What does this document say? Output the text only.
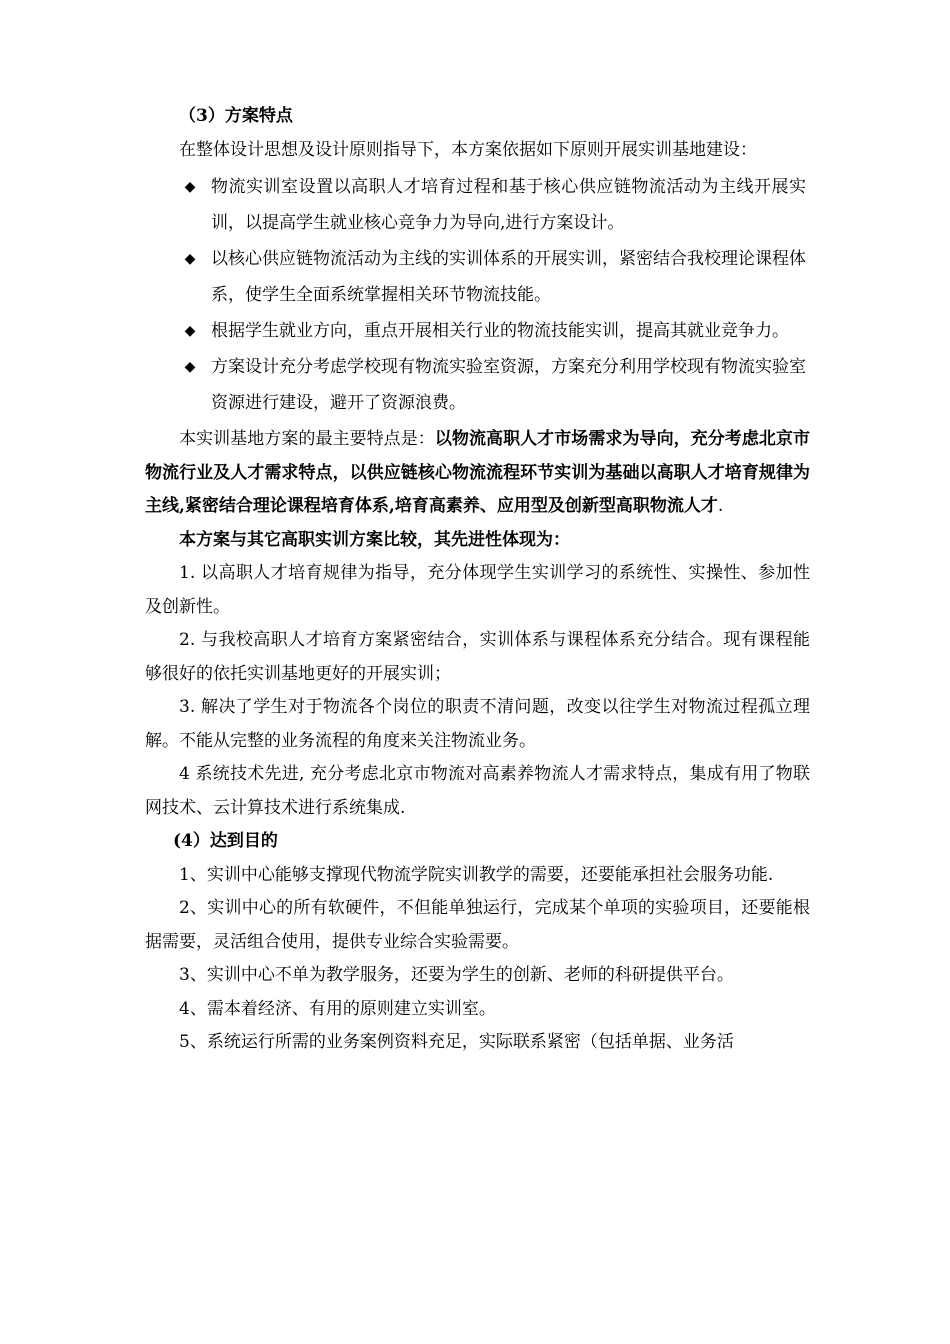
（3）方案特点

在整体设计思想及设计原则指导下，本方案依据如下原则开展实训基地建设：

◆ 物流实训室设置以高职人才培育过程和基于核心供应链物流活动为主线开展实训，以提高学生就业核心竞争力为导向,进行方案设计。
◆ 以核心供应链物流活动为主线的实训体系的开展实训，紧密结合我校理论课程体系，使学生全面系统掌握相关环节物流技能。
◆ 根据学生就业方向，重点开展相关行业的物流技能实训，提高其就业竞争力。
◆ 方案设计充分考虑学校现有物流实验室资源，方案充分利用学校现有物流实验室资源进行建设，避开了资源浪费。

本实训基地方案的最主要特点是：以物流高职人才市场需求为导向，充分考虑北京市物流行业及人才需求特点，以供应链核心物流流程环节实训为基础以高职人才培育规律为主线,紧密结合理论课程培育体系,培育高素养、应用型及创新型高职物流人才.

本方案与其它高职实训方案比较，其先进性体现为：

1. 以高职人才培育规律为指导，充分体现学生实训学习的系统性、实操性、参加性及创新性。

2. 与我校高职人才培育方案紧密结合，实训体系与课程体系充分结合。现有课程能够很好的依托实训基地更好的开展实训；

3. 解决了学生对于物流各个岗位的职责不清问题，改变以往学生对物流过程孤立理解。不能从完整的业务流程的角度来关注物流业务。

4 系统技术先进, 充分考虑北京市物流对高素养物流人才需求特点，集成有用了物联网技术、云计算技术进行系统集成.

(4）达到目的

1、实训中心能够支撑现代物流学院实训教学的需要，还要能承担社会服务功能.

2、实训中心的所有软硬件，不但能单独运行，完成某个单项的实验项目，还要能根据需要，灵活组合使用，提供专业综合实验需要。

3、实训中心不单为教学服务，还要为学生的创新、老师的科研提供平台。

4、需本着经济、有用的原则建立实训室。

5、系统运行所需的业务案例资料充足，实际联系紧密（包括单据、业务活
